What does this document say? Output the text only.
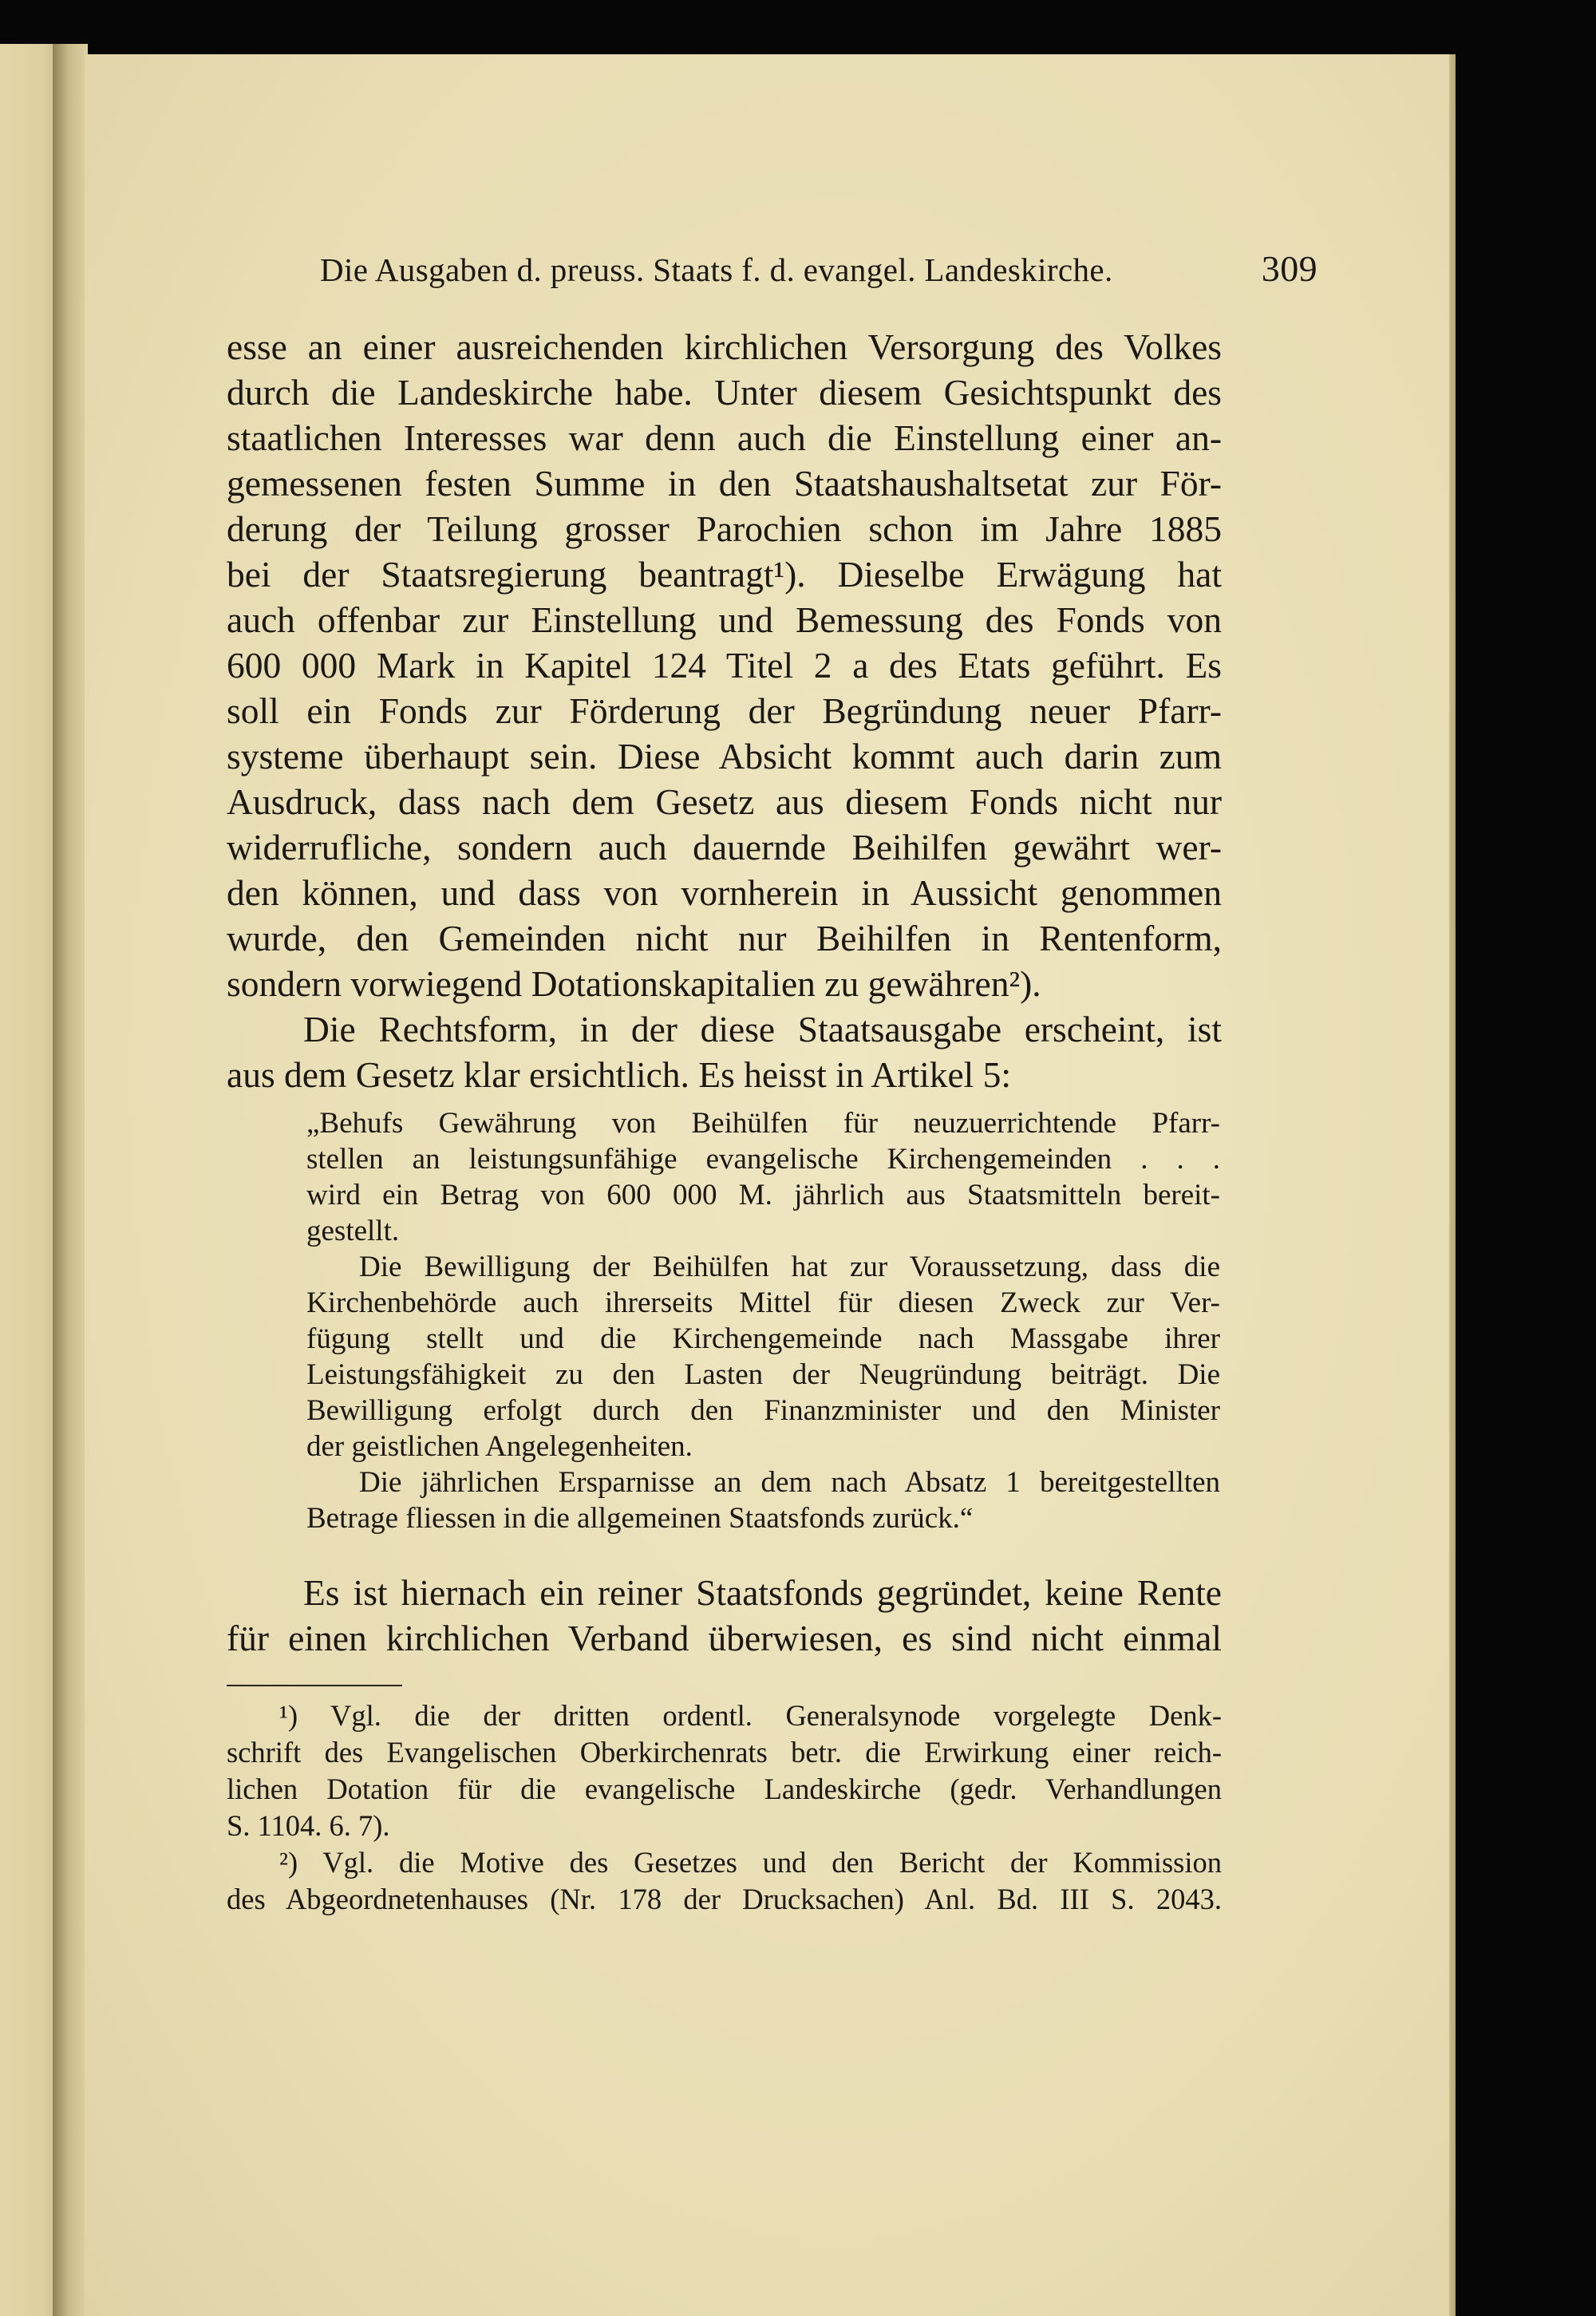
Die Ausgaben d. preuss. Staats f. d. evangel. Landeskirche.	309
esse an einer ausreichenden kirchlichen Versorgung des Volkes
durch die Landeskirche habe. Unter diesem Gesichtspunkt des
staatlichen Interesses war denn auch die Einstellung einer an-
gemessenen festen Summe in den Staatshaushaltsetat zur För-
derung der Teilung grosser Parochien schon im Jahre 1885
bei der Staatsregierung beantragt¹). Dieselbe Erwägung hat
auch offenbar zur Einstellung und Bemessung des Fonds von
600 000 Mark in Kapitel 124 Titel 2 a des Etats geführt. Es
soll ein Fonds zur Förderung der Begründung neuer Pfarr-
systeme überhaupt sein. Diese Absicht kommt auch darin zum
Ausdruck, dass nach dem Gesetz aus diesem Fonds nicht nur
widerrufliche, sondern auch dauernde Beihilfen gewährt wer-
den können, und dass von vornherein in Aussicht genommen
wurde, den Gemeinden nicht nur Beihilfen in Rentenform,
sondern vorwiegend Dotationskapitalien zu gewähren²).
Die Rechtsform, in der diese Staatsausgabe erscheint, ist
aus dem Gesetz klar ersichtlich. Es heisst in Artikel 5:
„Behufs Gewährung von Beihülfen für neuzuerrichtende Pfarr-
stellen an leistungsunfähige evangelische Kirchengemeinden . . .
wird ein Betrag von 600 000 M. jährlich aus Staatsmitteln bereit-
gestellt.
Die Bewilligung der Beihülfen hat zur Voraussetzung, dass die
Kirchenbehörde auch ihrerseits Mittel für diesen Zweck zur Ver-
fügung stellt und die Kirchengemeinde nach Massgabe ihrer
Leistungsfähigkeit zu den Lasten der Neugründung beiträgt. Die
Bewilligung erfolgt durch den Finanzminister und den Minister
der geistlichen Angelegenheiten.
Die jährlichen Ersparnisse an dem nach Absatz 1 bereitgestellten
Betrage fliessen in die allgemeinen Staatsfonds zurück.“
Es ist hiernach ein reiner Staatsfonds gegründet, keine Rente
für einen kirchlichen Verband überwiesen, es sind nicht einmal
¹) Vgl. die der dritten ordentl. Generalsynode vorgelegte Denk-
schrift des Evangelischen Oberkirchenrats betr. die Erwirkung einer reich-
lichen Dotation für die evangelische Landeskirche (gedr. Verhandlungen
S. 1104. 6. 7).
²) Vgl. die Motive des Gesetzes und den Bericht der Kommission
des Abgeordnetenhauses (Nr. 178 der Drucksachen) Anl. Bd. III S. 2043.
